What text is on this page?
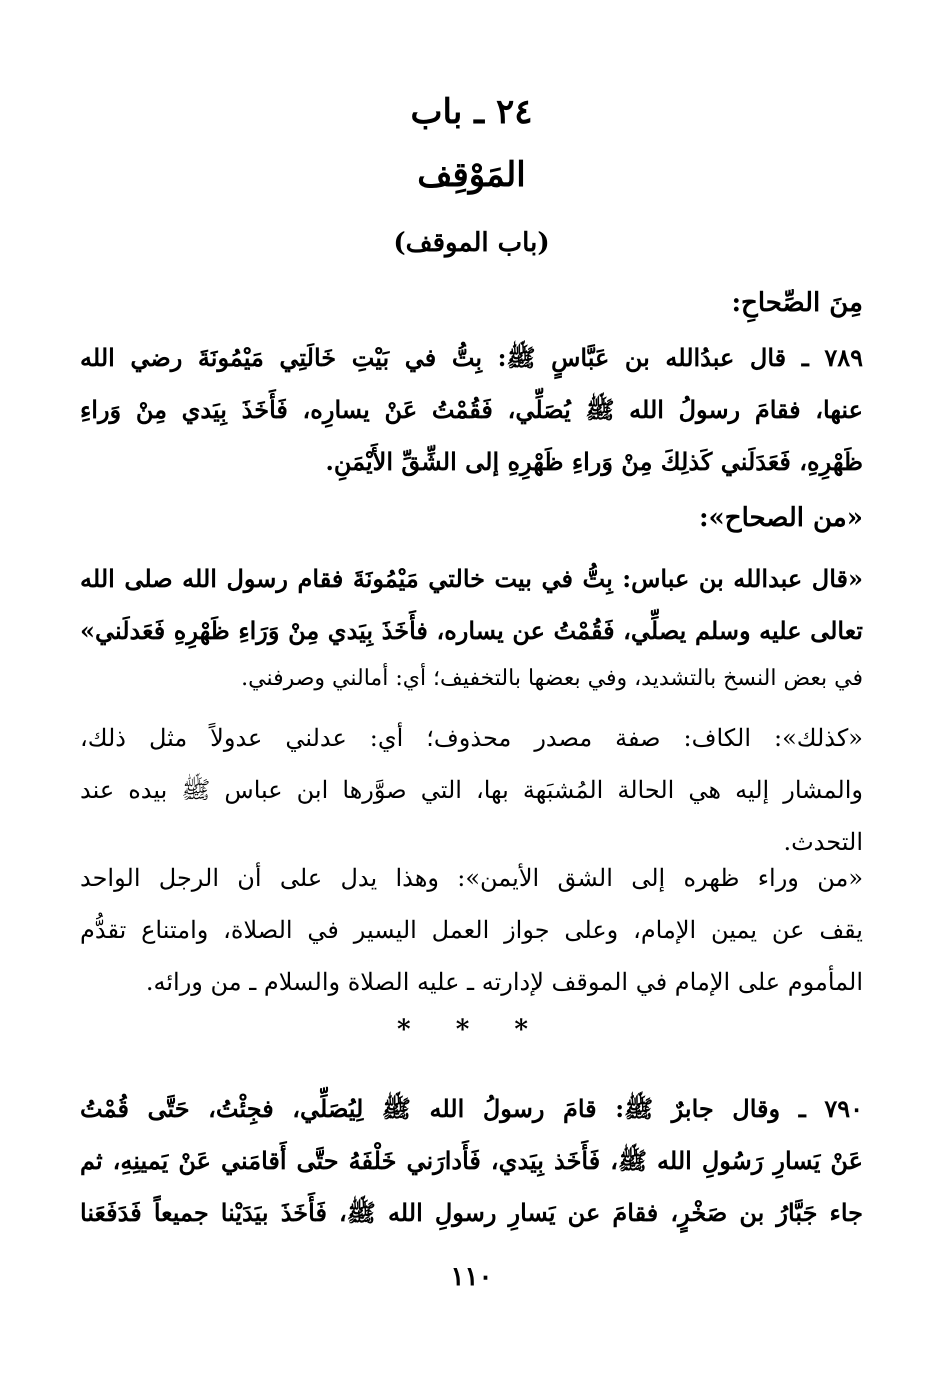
٢٤ ـ باب
المَوْقِف
(باب الموقف)
مِنَ الصِّحاحِ:
٧٨٩ ـ قال عبدُالله بن عَبَّاسٍ ﷺ: بِتُّ في بَيْتِ خَالَتِي مَيْمُونَةَ رضي الله
عنها، فقامَ رسولُ الله ﷺ يُصَلِّي، فَقُمْتُ عَنْ يسارِه، فَأَخَذَ بِيَدي مِنْ وَراءِ
ظَهْرِهِ، فَعَدَلَني كَذلِكَ مِنْ وَراءِ ظَهْرِهِ إلى الشِّقِّ الأَيْمَنِ.
«من الصحاح»:
«قال عبدالله بن عباس: بِتُّ في بيت خالتي مَيْمُونَةَ فقام رسول الله صلى الله
تعالى عليه وسلم يصلِّي، فَقُمْتُ عن يساره، فأَخَذَ بِيَدي مِنْ وَرَاءِ ظَهْرِهِ فَعَدلَني»
في بعض النسخ بالتشديد، وفي بعضها بالتخفيف؛ أي: أمالني وصرفني.
«كذلك»: الكاف: صفة مصدر محذوف؛ أي: عدلني عدولاً مثل ذلك،
والمشار إليه هي الحالة المُشبَهة بها، التي صوَّرها ابن عباس ﷺ بيده عند
التحدث.
«من وراء ظهره إلى الشق الأيمن»: وهذا يدل على أن الرجل الواحد
يقف عن يمين الإمام، وعلى جواز العمل اليسير في الصلاة، وامتناع تقدُّم
المأموم على الإمام في الموقف لإدارته ـ عليه الصلاة والسلام ـ من ورائه.
* * *
٧٩٠ ـ وقال جابرٌ ﷺ: قامَ رسولُ الله ﷺ لِيُصَلِّي، فجِئْتُ، حَتَّى قُمْتُ
عَنْ يَسارِ رَسُولِ الله ﷺ، فَأَخَذ بِيَدي، فَأَدارَني خَلْفَهُ حتَّى أَقامَني عَنْ يَمينِهِ، ثم
جاء جَبَّارُ بن صَخْرٍ، فقامَ عن يَسارِ رسولِ الله ﷺ، فَأَخَذَ بيَدَيْنا جميعاً فَدَفَعَنا
١١٠
